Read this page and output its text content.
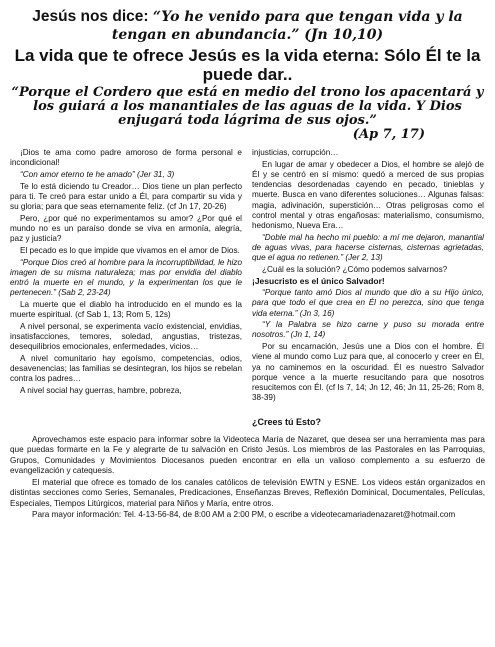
Jesús nos dice: “Yo he venido para que tengan vida y la tengan en abundancia.” (Jn 10,10)
La vida que te ofrece Jesús es la vida eterna: Sólo Él te la puede dar..
“Porque el Cordero que está en medio del trono los apacentará y los guiará a los manantiales de las aguas de la vida. Y Dios enjugará toda lágrima de sus ojos.”
(Ap 7, 17)

¡Dios te ama como padre amoroso de forma personal e incondicional!

“Con amor eterno te he amado” (Jer 31, 3)

Te lo está diciendo tu Creador… Dios tiene un plan perfecto para ti. Te creó para estar unido a Él, para compartir su vida y su gloria; para que seas eternamente feliz. (cf Jn 17, 20-26)

Pero, ¿por qué no experimentamos su amor? ¿Por qué el mundo no es un paraíso donde se viva en armonía, alegría, paz y justicia?

El pecado es lo que impide que vivamos en el amor de Dios.

“Porque Dios creó al hombre para la incorruptibilidad, le hizo imagen de su misma naturaleza; mas por envidia del diablo entró la muerte en el mundo, y la experimentan los que le pertenecen.” (Sab 2, 23-24)

La muerte que el diablo ha introducido en el mundo es la muerte espiritual. (cf Sab 1, 13; Rom 5, 12s)

A nivel personal, se experimenta vacío existencial, envidias, insatisfacciones, temores, soledad, angustias, tristezas, desequilibrios emocionales, enfermedades, vicios…

A nivel comunitario hay egoísmo, competencias, odios, desavenencias; las familias se desintegran, los hijos se rebelan contra los padres…

A nivel social hay guerras, hambre, pobreza,

injusticias, corrupción…

En lugar de amar y obedecer a Dios, el hombre se alejó de Él y se centró en sí mismo: quedó a merced de sus propias tendencias desordenadas cayendo en pecado, tinieblas y muerte. Busca en vano diferentes soluciones… Algunas falsas: magia, adivinación, superstición… Otras peligrosas como el control mental y otras engañosas: materialismo, consumismo, hedonismo, Nueva Era…

“Doble mal ha hecho mi pueblo: a mí me dejaron, manantial de aguas vivas, para hacerse cisternas, cisternas agrietadas, que el agua no retienen.” (Jer 2, 13)

¿Cuál es la solución? ¿Cómo podemos salvarnos?

¡Jesucristo es el único Salvador!

“Porque tanto amó Dios al mundo que dio a su Hijo único, para que todo el que crea en Él no perezca, sino que tenga vida eterna.” (Jn 3, 16)

“Y la Palabra se hizo carne y puso su morada entre nosotros.” (Jn 1, 14)

Por su encarnación, Jesús une a Dios con el hombre. Él viene al mundo como Luz para que, al conocerlo y creer en Él, ya no caminemos en la oscuridad. Él es nuestro Salvador porque vence a la muerte resucitando para que nosotros resucitemos con Él. (cf Is 7, 14; Jn 12, 46; Jn 11, 25-26; Rom 8, 38-39)

¿Crees tú Esto?

Aprovechamos este espacio para informar sobre la Videoteca María de Nazaret, que desea ser una herramienta mas para que puedas formarte en la Fe y alegrarte de tu salvación en Cristo Jesús. Los miembros de las Pastorales en las Parroquias, Grupos, Comunidades y Movimientos Diocesanos pueden encontrar en ella un valioso complemento a su esfuerzo de evangelización y catequesis.

El material que ofrece es tomado de los canales católicos de televisión EWTN y ESNE. Los videos están organizados en distintas secciones como Series, Semanales, Predicaciones, Enseñanzas Breves, Reflexión Dominical, Documentales, Películas, Especiales, Tiempos Litúrgicos, material para Niños y María, entre otros.

Para mayor información: Tel. 4-13-56-84, de 8:00 AM a 2:00 PM, o escribe a videotecamariadenazaret@hotmail.com
